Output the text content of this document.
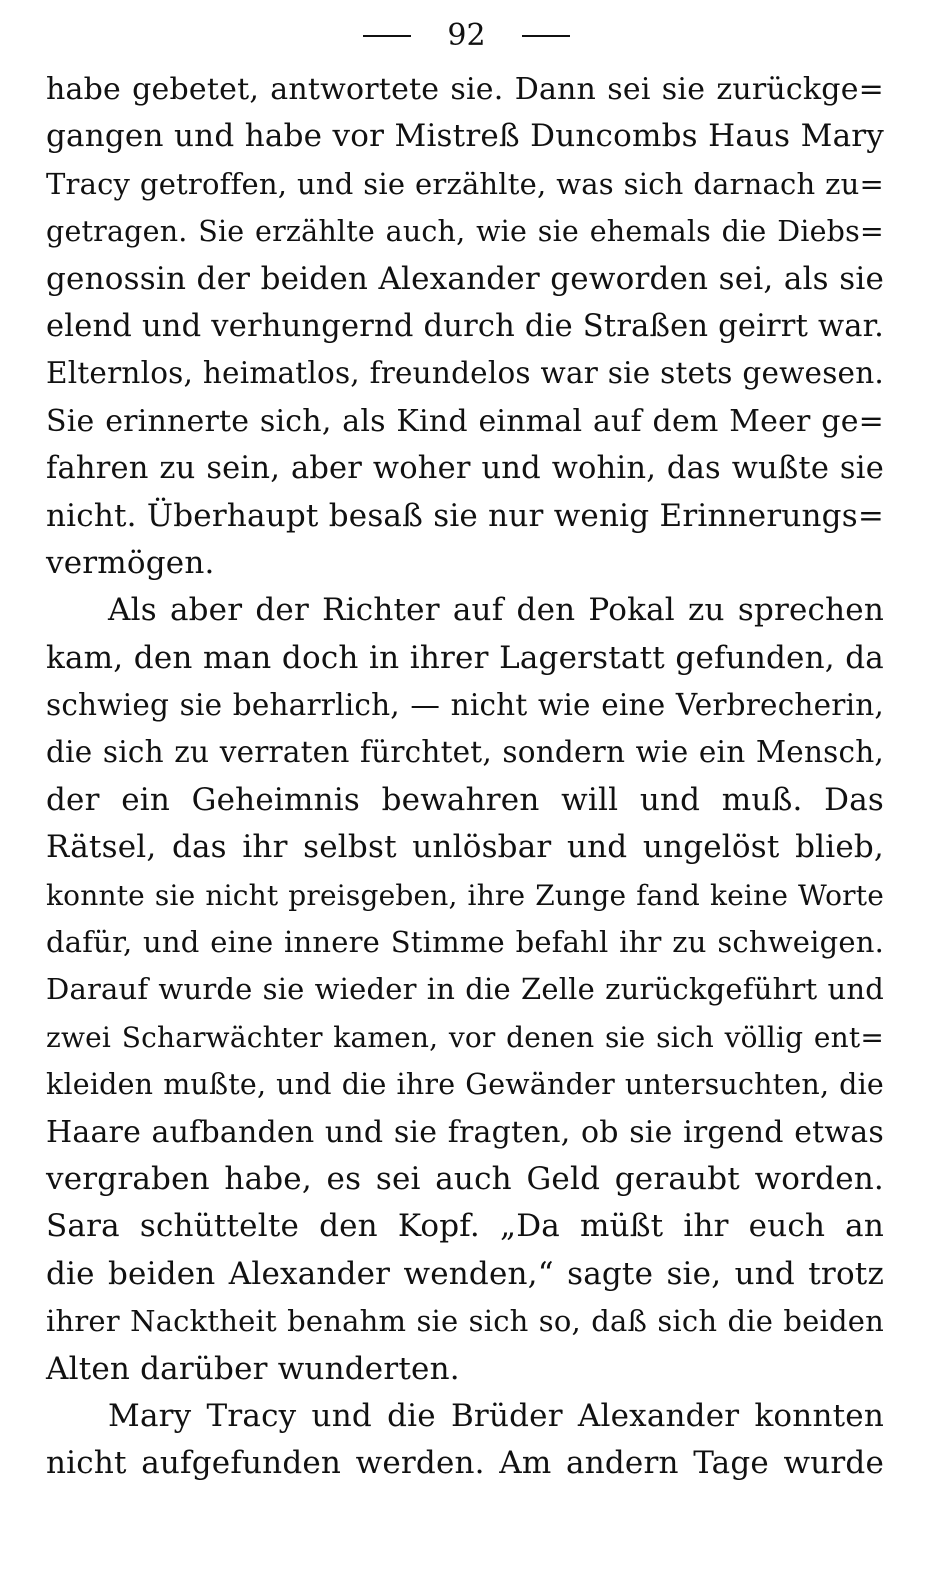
92
habe gebetet, antwortete sie. Dann sei sie zurückge=
gangen und habe vor Mistreß Duncombs Haus Mary
Tracy getroffen, und sie erzählte, was sich darnach zu=
getragen. Sie erzählte auch, wie sie ehemals die Diebs=
genossin der beiden Alexander geworden sei, als sie
elend und verhungernd durch die Straßen geirrt war.
Elternlos, heimatlos, freundelos war sie stets gewesen.
Sie erinnerte sich, als Kind einmal auf dem Meer ge=
fahren zu sein, aber woher und wohin, das wußte sie
nicht. Überhaupt besaß sie nur wenig Erinnerungs=
vermögen.
Als aber der Richter auf den Pokal zu sprechen
kam, den man doch in ihrer Lagerstatt gefunden, da
schwieg sie beharrlich, — nicht wie eine Verbrecherin,
die sich zu verraten fürchtet, sondern wie ein Mensch,
der ein Geheimnis bewahren will und muß. Das
Rätsel, das ihr selbst unlösbar und ungelöst blieb,
konnte sie nicht preisgeben, ihre Zunge fand keine Worte
dafür, und eine innere Stimme befahl ihr zu schweigen.
Darauf wurde sie wieder in die Zelle zurückgeführt und
zwei Scharwächter kamen, vor denen sie sich völlig ent=
kleiden mußte, und die ihre Gewänder untersuchten, die
Haare aufbanden und sie fragten, ob sie irgend etwas
vergraben habe, es sei auch Geld geraubt worden.
Sara schüttelte den Kopf. „Da müßt ihr euch an
die beiden Alexander wenden,“ sagte sie, und trotz
ihrer Nacktheit benahm sie sich so, daß sich die beiden
Alten darüber wunderten.
Mary Tracy und die Brüder Alexander konnten
nicht aufgefunden werden. Am andern Tage wurde
